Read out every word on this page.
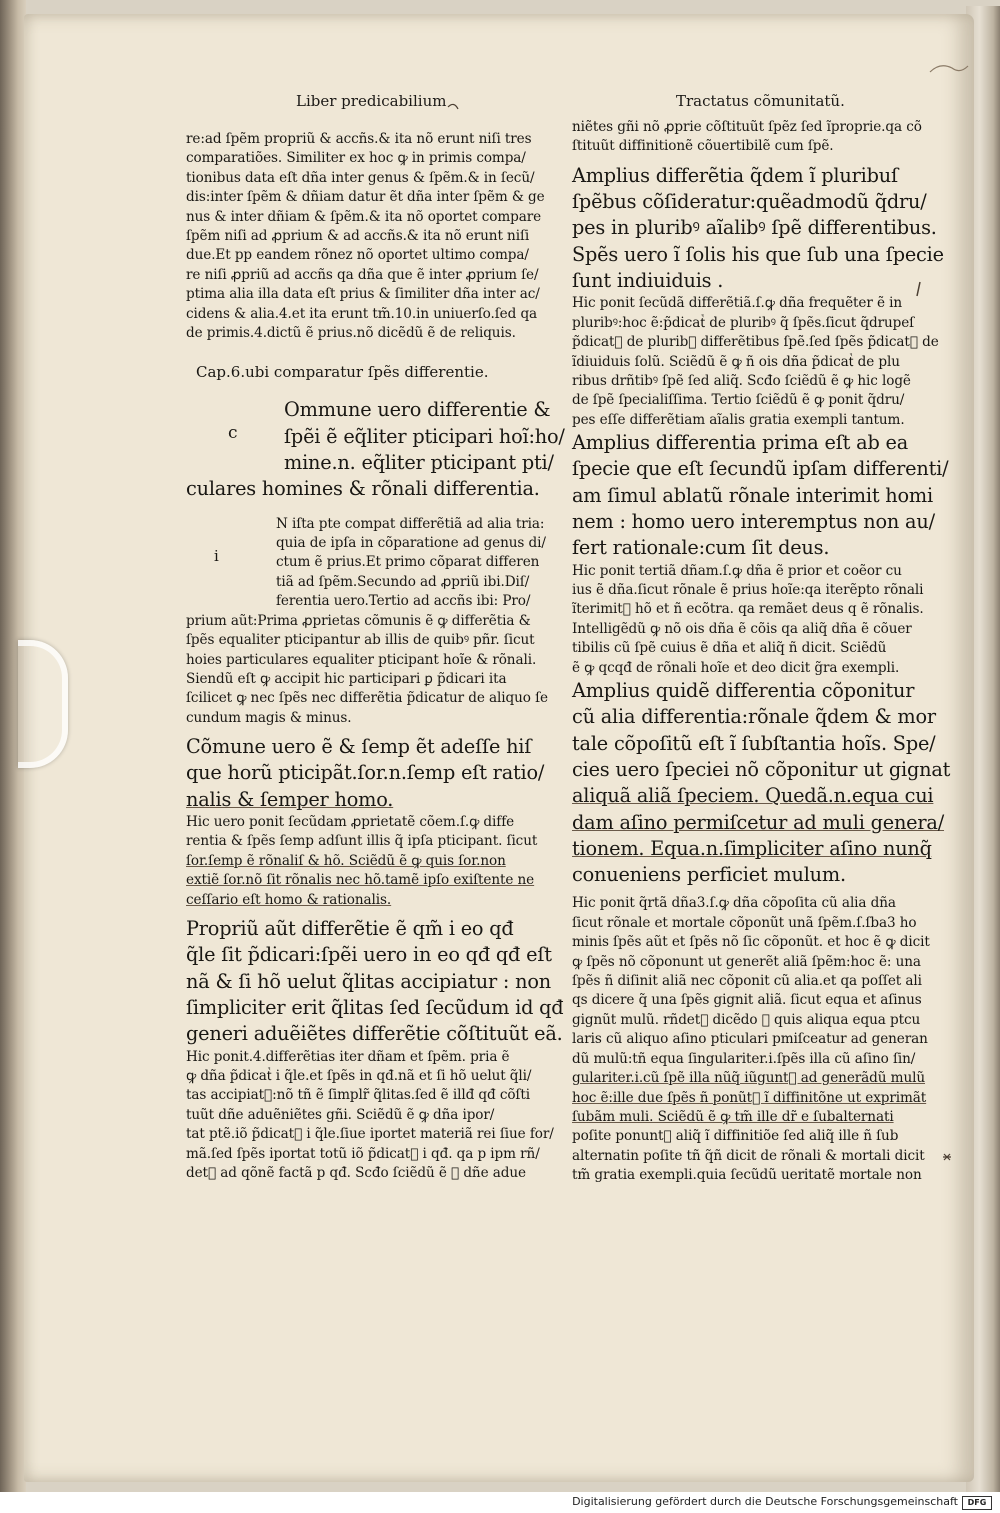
Liber predicabilium	Tractatus cõmunitatũ.
re:ad ſpẽm propriũ & accñs.& ita nõ erunt niſi tres
comparatiões. Similiter ex hoc ꝙ in primis compa/
tionibus data eſt dña inter genus & ſpẽm.& in ſecũ/
dis:inter ſpẽm & dñiam datur ẽt dña inter ſpẽm & ge
nus & inter dñiam & ſpẽm.& ita nõ oportet compare
ſpẽm niſi ad ꝓprium & ad accñs.& ita nõ erunt niſi
due.Et pp eandem rõnez nõ oportet ultimo compa/
re niſi ꝓpriũ ad accñs qa dña que ẽ inter ꝓprium ſe/
ptima alia illa data eſt prius & ſimiliter dña inter ac/
cidens & alia.4.et ita erunt tm̃.10.in uniuerſo.ſed qa
de primis.4.dictũ ẽ prius.nõ dicẽdũ ẽ de reliquis.
Cap.6.ubi comparatur ſpẽs differentie.
c
Ommune uero differentie &
ſpẽi ẽ eq̃liter pticipari hoĩ:ho/
mine.n. eq̃liter pticipant pti/
culares homines & rõnali differentia.
i
N iſta pte compat differẽtiã ad alia tria:
quia de ipſa in cõparatione ad genus di/
ctum ẽ prius.Et primo cõparat differen
tiã ad ſpẽm.Secundo ad ꝓpriũ ibi.Diſ/
ferentia uero.Tertio ad accñs ibi: Pro/
prium aũt:Prima ꝓprietas cõmunis ẽ ꝙ differẽtia &
ſpẽs equaliter pticipantur ab illis de quibꝰ pñr. ſicut
hoies particulares equaliter pticipant hoĩe & rõnali.
Siendũ eſt ꝙ accipit hic participari ꝑ p̃dicari ita
ſcilicet ꝙ nec ſpẽs nec differẽtia p̃dicatur de aliquo ſe
cundum magis & minus.
Cõmune uero ẽ & ſemp ẽt adeſſe hiſ
que horũ pticipãt.ſor.n.ſemp eſt ratio/
nalis & ſemper homo.
Hic uero ponit ſecũdam ꝓprietatẽ cõem.ſ.ꝙ diffe
rentia & ſpẽs ſemp adſunt illis q̃ ipſa pticipant. ſicut
ſor.ſemp ẽ rõnaliſ & hõ. Sciẽdũ ẽ ꝙ quis ſor.non
extiẽ ſor.nõ ſit rõnalis nec hõ.tamẽ ipſo exiſtente ne
ceſſario eſt homo & rationalis.
Propriũ aũt differẽtie ẽ qm̃ i eo qđ
q̃le ſit p̃dicari:ſpẽi uero in eo qđ qđ eſt
nã & ſi hõ uelut q̃litas accipiatur : non
ſimpliciter erit q̃litas ſed ſecũdum id qđ
generi aduẽiẽtes differẽtie cõſtituũt eã.
Hic ponit.4.differẽtias iter dñam et ſpẽm. pria ẽ
ꝙ dña p̃dicatᷣ i q̃le.et ſpẽs in qđ.nã et ſi hõ uelut q̃li/
tas accipiatᷣ:nõ tñ ẽ ſimplr̃ q̃litas.ſed ẽ illđ qđ cõſti
tuũt dñe aduẽniẽtes gñi. Sciẽdũ ẽ ꝙ dña ipor/
tat ptẽ.iõ p̃dicatᷣ i q̃le.ſiue iportet materiã rei ſiue for/
mã.ſed ſpẽs iportat totũ iõ p̃dicatᷣ i qđ. qa p ipm rñ/
detᷣ ad qõnẽ factã p qđ. Scđo ſciẽdũ ẽ ꝙ dñe adue
niẽtes gñi nõ ꝓprie cõſtituũt ſpẽz ſed ĩproprie.qa cõ
ſtituũt diffinitionẽ cõuertibilẽ cum ſpẽ.
Amplius differẽtia q̃dem ĩ pluribuſ
ſpẽbus cõſideratur:quẽadmodũ q̃dru/
pes in pluribꝰ aĩalibꝰ ſpẽ differentibus.
Spẽs uero ĩ ſolis his que ſub una ſpecie
ſunt indiuiduis .
Hic ponit ſecũdã differẽtiã.ſ.ꝙ dña frequẽter ẽ in
pluribꝰ:hoc ẽ:p̃dicatᷣ de pluribꝰ q̃ ſpẽs.ſicut q̃drupeſ
p̃dicatᷣ de pluribꝰ differẽtibus ſpẽ.ſed ſpẽs p̃dicatᷣ de
ĩdiuiduis ſolũ. Sciẽdũ ẽ ꝙ ñ ois dña p̃dicatᷣ de plu
ribus drñtibꝰ ſpẽ ſed aliq̃. Scđo ſciẽdũ ẽ ꝙ hic logẽ
de ſpẽ ſpecialiſſima. Tertio ſciẽdũ ẽ ꝙ ponit q̃dru/
pes eſſe differẽtiam aĩalis gratia exempli tantum.
Amplius differentia prima eſt ab ea
ſpecie que eſt ſecundũ ipſam differenti/
am ſimul ablatũ rõnale interimit homi
nem : homo uero interemptus non au/
fert rationale:cum ſit deus.
Hic ponit tertiã dñam.ſ.ꝙ dña ẽ prior et coẽor cu
ius ẽ dña.ſicut rõnale ẽ prius hoĩe:qa iterẽpto rõnali
ĩterimitᷣ hõ et ñ ecõtra. qa remãet deus q ẽ rõnalis.
Intelligẽdũ ꝙ nõ ois dña ẽ cõis qa aliq̃ dña ẽ cõuer
tibilis cũ ſpẽ cuius ẽ dña et aliq̃ ñ dicit. Sciẽdũ
ẽ ꝙ qcqđ de rõnali hoĩe et deo dicit g̃ra exempli.
Amplius quidẽ differentia cõponitur
cũ alia differentia:rõnale q̃dem & mor
tale cõpoſitũ eſt ĩ ſubſtantia hoĩs. Spe/
cies uero ſpeciei nõ cõponitur ut gignat
aliquã aliã ſpeciem. Quedã.n.equa cui
dam aſino permiſcetur ad muli genera/
tionem. Equa.n.ſimpliciter aſino nunq̃
conueniens perficiet mulum.
Hic ponit q̃rtã dña3.ſ.ꝙ dña cõpoſita cũ alia dña
ſicut rõnale et mortale cõponũt unã ſpẽm.ſ.ſba3 ho
minis ſpẽs aũt et ſpẽs nõ ſic cõponũt. et hoc ẽ ꝙ dicit
ꝙ ſpẽs nõ cõponunt ut generẽt aliã ſpẽm:hoc ẽ: una
ſpẽs ñ diſinit aliã nec cõponit cũ alia.et qa poſſet ali
qs dicere q̃ una ſpẽs gignit aliã. ſicut equa et aſinus
gignũt mulũ. rñdetᷣ dicẽdo ꝙ quis aliqua equa ptcu
laris cũ aliquo aſino pticulari pmiſceatur ad generan
dũ mulũ:tñ equa ſingulariter.i.ſpẽs illa cũ aſino ſin/
gulariter.i.cũ ſpẽ illa nũq̃ iũguntᷣ ad generãdũ mulũ
hoc ẽ:ille due ſpẽs ñ ponũtᷣ ĩ diffinitõne ut exprimãt
ſubãm muli. Sciẽdũ ẽ ꝙ tm̃ ille dr̃ e ſubalternati
poſite ponuntᷣ aliq̃ ĩ diffinitiõe ſed aliq̃ ille ñ ſub
alternatin poſite tñ q̃ñ dicit de rõnali & mortali dicit
tm̃ gratia exempli.quia ſecũdũ ueritatẽ mortale non
Digitalisierung gefördert durch die Deutsche Forschungsgemeinschaft	DFG
